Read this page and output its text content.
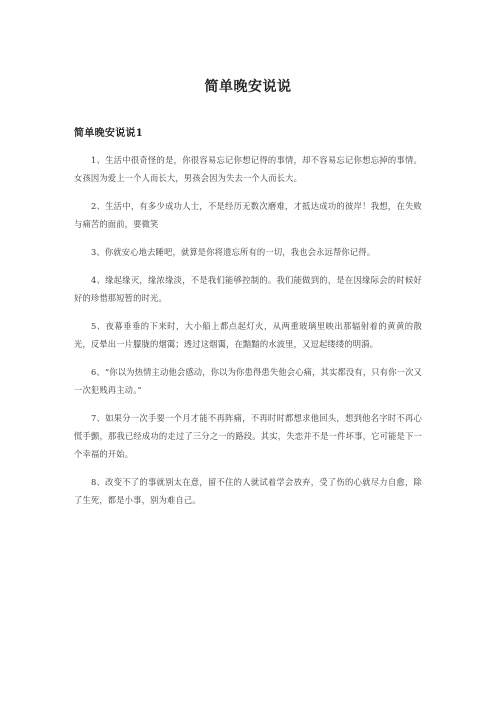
简单晚安说说
简单晚安说说1

1、生活中很奇怪的是，你很容易忘记你想记得的事情，却不容易忘记你想忘掉的事情。女孩因为爱上一个人而长大，男孩会因为失去一个人而长大。

2、生活中，有多少成功人士，不是经历无数次磨难，才抵达成功的彼岸！我想，在失败与痛苦的面前，要微笑

3、你就安心地去睡吧，就算是你将遗忘所有的一切，我也会永远帮你记得。

4、缘起缘灭，缘浓缘淡，不是我们能够控制的。我们能做到的，是在因缘际会的时候好好的珍惜那短暂的时光。

5、夜幕垂垂的下来时，大小船上都点起灯火，从两重玻璃里映出那辐射着的黄黄的散光，反晕出一片朦胧的烟霭；透过这烟霭，在黯黯的水波里，又逗起缕缕的明漪。

6、“你以为热情主动他会感动，你以为你患得患失他会心痛，其实都没有，只有你一次又一次犯贱再主动。”

7、如果分一次手要一个月才能不再阵痛，不再时时都想求他回头，想到他名字时不再心慌手颤，那我已经成功的走过了三分之一的路段。其实，失恋并不是一件坏事，它可能是下一个幸福的开始。

8、改变不了的事就别太在意，留不住的人就试着学会放弃，受了伤的心就尽力自愈，除了生死，都是小事，别为难自己。
